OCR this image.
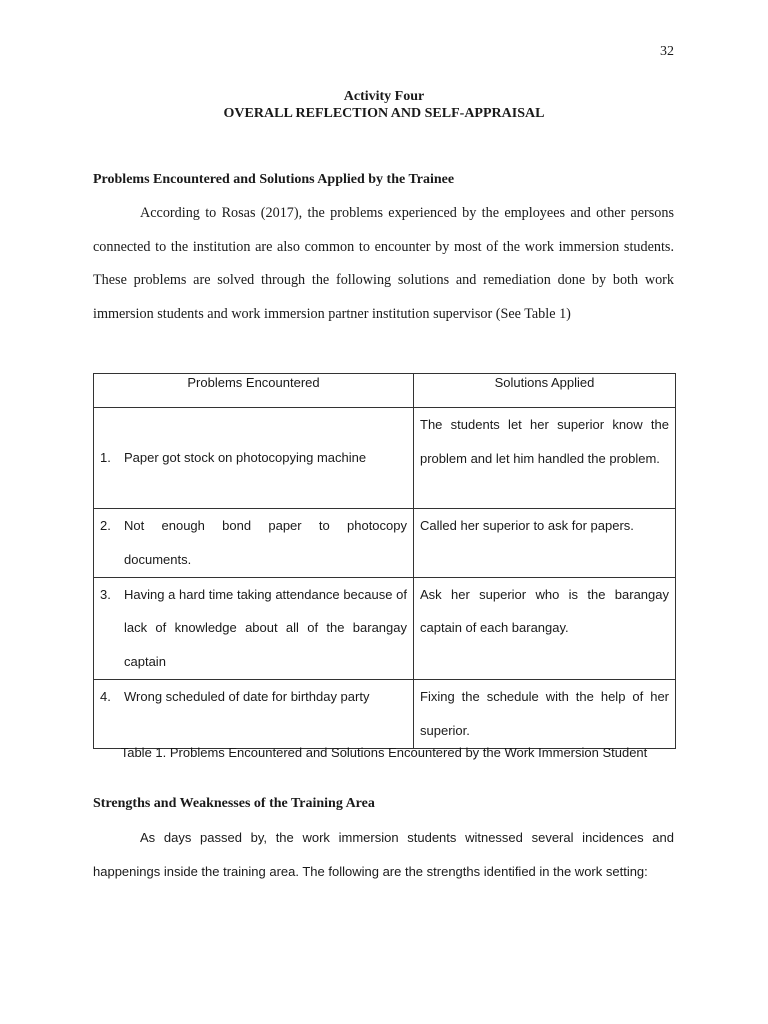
32
Activity Four
OVERALL REFLECTION AND SELF-APPRAISAL
Problems Encountered and Solutions Applied by the Trainee

According to Rosas (2017), the problems experienced by the employees and other persons connected to the institution are also common to encounter by most of the work immersion students. These problems are solved through the following solutions and remediation done by both work immersion students and work immersion partner institution supervisor (See Table 1)

Problems Encountered	Solutions Applied

1. Paper got stock on photocopying machine	The students let her superior know the problem and let him handled the problem.

2. Not enough bond paper to photocopy documents.	Called her superior to ask for papers.

3. Having a hard time taking attendance because of lack of knowledge about all of the barangay captain	Ask her superior who is the barangay captain of each barangay.

4. Wrong scheduled of date for birthday party	Fixing the schedule with the help of her superior.
Table 1. Problems Encountered and Solutions Encountered by the Work Immersion Student
Strengths and Weaknesses of the Training Area

As days passed by, the work immersion students witnessed several incidences and happenings inside the training area. The following are the strengths identified in the work setting:
